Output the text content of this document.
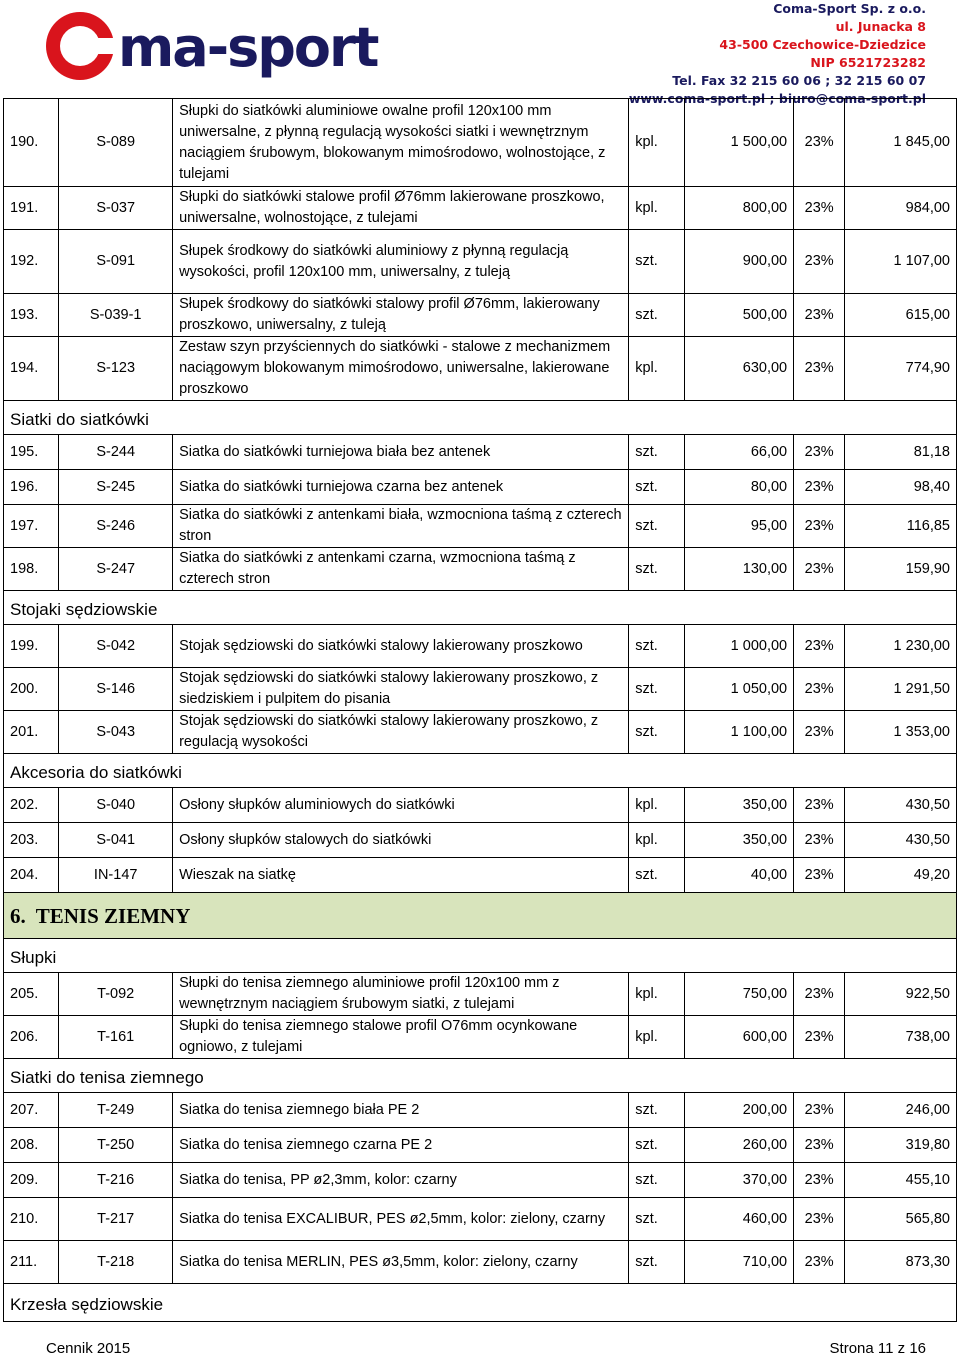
ma-sport
Coma-Sport Sp. z o.o.
ul. Junacka 8
43-500 Czechowice-Dziedzice
NIP 6521723282
Tel. Fax 32 215 60 06 ; 32 215 60 07
www.coma-sport.pl ; biuro@coma-sport.pl
190.	S-089	Słupki do siatkówki aluminiowe owalne profil 120x100 mm uniwersalne, z płynną regulacją wysokości siatki i wewnętrznym naciągiem śrubowym, blokowanym mimośrodowo, wolnostojące, z tulejami	kpl.	1 500,00	23%	1 845,00
191.	S-037	Słupki do siatkówki stalowe profil Ø76mm lakierowane proszkowo, uniwersalne, wolnostojące, z tulejami	kpl.	800,00	23%	984,00
192.	S-091	Słupek środkowy do siatkówki aluminiowy z płynną regulacją wysokości, profil 120x100 mm, uniwersalny, z tuleją	szt.	900,00	23%	1 107,00
193.	S-039-1	Słupek środkowy do siatkówki stalowy profil Ø76mm, lakierowany proszkowo, uniwersalny, z tuleją	szt.	500,00	23%	615,00
194.	S-123	Zestaw szyn przyściennych do siatkówki - stalowe z mechanizmem naciągowym blokowanym mimośrodowo, uniwersalne, lakierowane proszkowo	kpl.	630,00	23%	774,90
Siatki do siatkówki						
195.	S-244	Siatka do siatkówki turniejowa biała bez antenek	szt.	66,00	23%	81,18
196.	S-245	Siatka do siatkówki turniejowa czarna bez antenek	szt.	80,00	23%	98,40
197.	S-246	Siatka do siatkówki z antenkami biała, wzmocniona taśmą z czterech stron	szt.	95,00	23%	116,85
198.	S-247	Siatka do siatkówki z antenkami czarna, wzmocniona taśmą z czterech stron	szt.	130,00	23%	159,90
Stojaki sędziowskie						
199.	S-042	Stojak sędziowski do siatkówki stalowy lakierowany proszkowo	szt.	1 000,00	23%	1 230,00
200.	S-146	Stojak sędziowski do siatkówki stalowy lakierowany proszkowo, z siedziskiem i pulpitem do pisania	szt.	1 050,00	23%	1 291,50
201.	S-043	Stojak sędziowski do siatkówki stalowy lakierowany proszkowo, z regulacją wysokości	szt.	1 100,00	23%	1 353,00
Akcesoria do siatkówki						
202.	S-040	Osłony słupków aluminiowych do siatkówki	kpl.	350,00	23%	430,50
203.	S-041	Osłony słupków stalowych do siatkówki	kpl.	350,00	23%	430,50
204.	IN-147	Wieszak na siatkę	szt.	40,00	23%	49,20
6. TENIS ZIEMNY						
Słupki						
205.	T-092	Słupki do tenisa ziemnego aluminiowe profil 120x100 mm z wewnętrznym naciągiem śrubowym siatki, z tulejami	kpl.	750,00	23%	922,50
206.	T-161	Słupki do tenisa ziemnego stalowe profil O76mm ocynkowane ogniowo, z tulejami	kpl.	600,00	23%	738,00
Siatki do tenisa ziemnego						
207.	T-249	Siatka do tenisa ziemnego biała PE 2	szt.	200,00	23%	246,00
208.	T-250	Siatka do tenisa ziemnego czarna PE 2	szt.	260,00	23%	319,80
209.	T-216	Siatka do tenisa, PP ø2,3mm, kolor: czarny	szt.	370,00	23%	455,10
210.	T-217	Siatka do tenisa EXCALIBUR, PES ø2,5mm, kolor: zielony, czarny	szt.	460,00	23%	565,80
211.	T-218	Siatka do tenisa MERLIN, PES ø3,5mm, kolor: zielony, czarny	szt.	710,00	23%	873,30
Krzesła sędziowskie						
Cennik 2015	Strona 11 z 16
